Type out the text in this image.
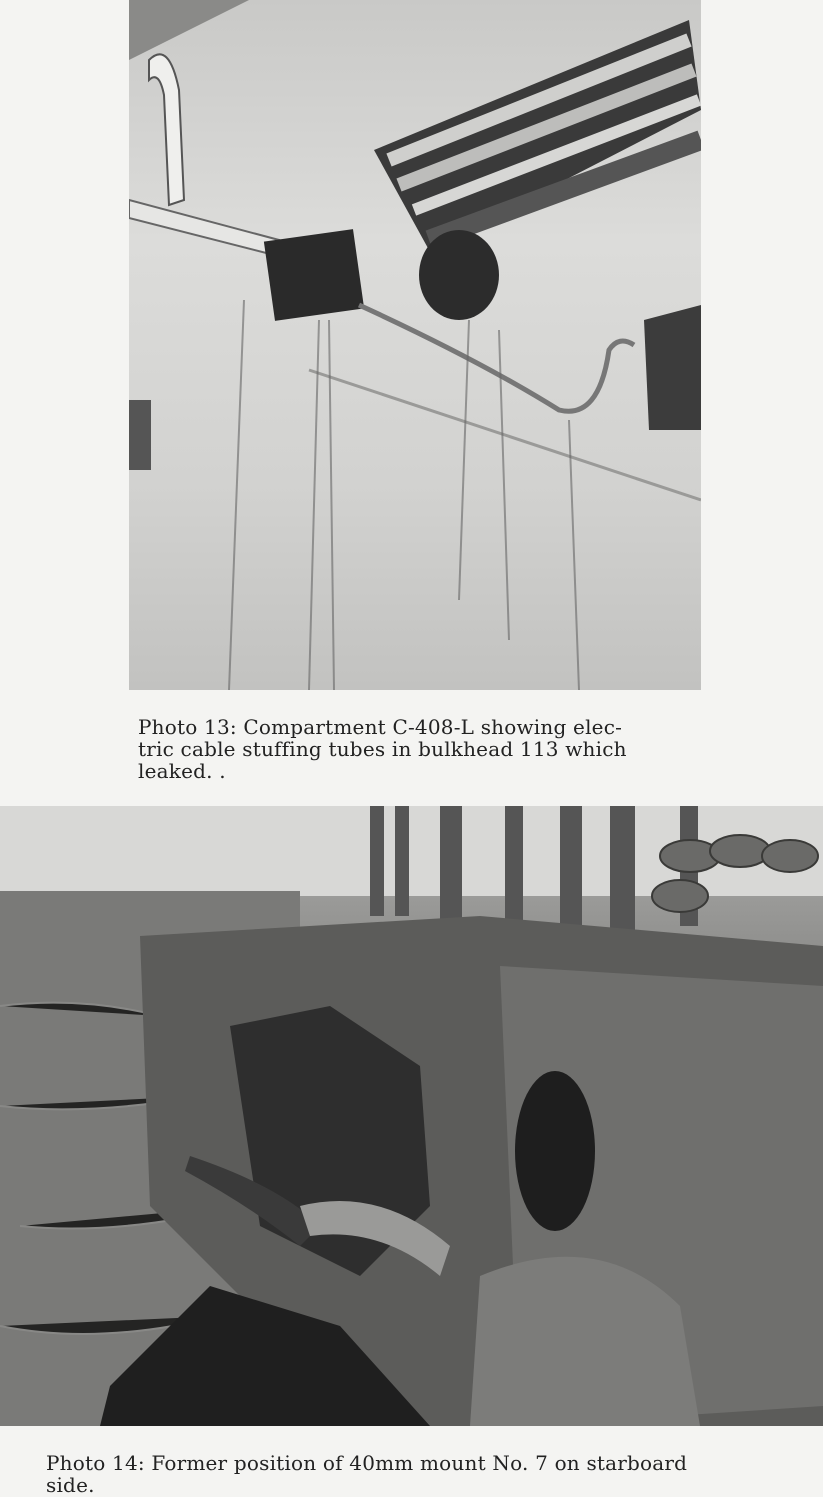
Photo 13: Compartment C-408-L showing elec-
tric cable stuffing tubes in bulkhead 113 which
leaked. .
Photo 14: Former position of 40mm mount No. 7 on starboard
side.
